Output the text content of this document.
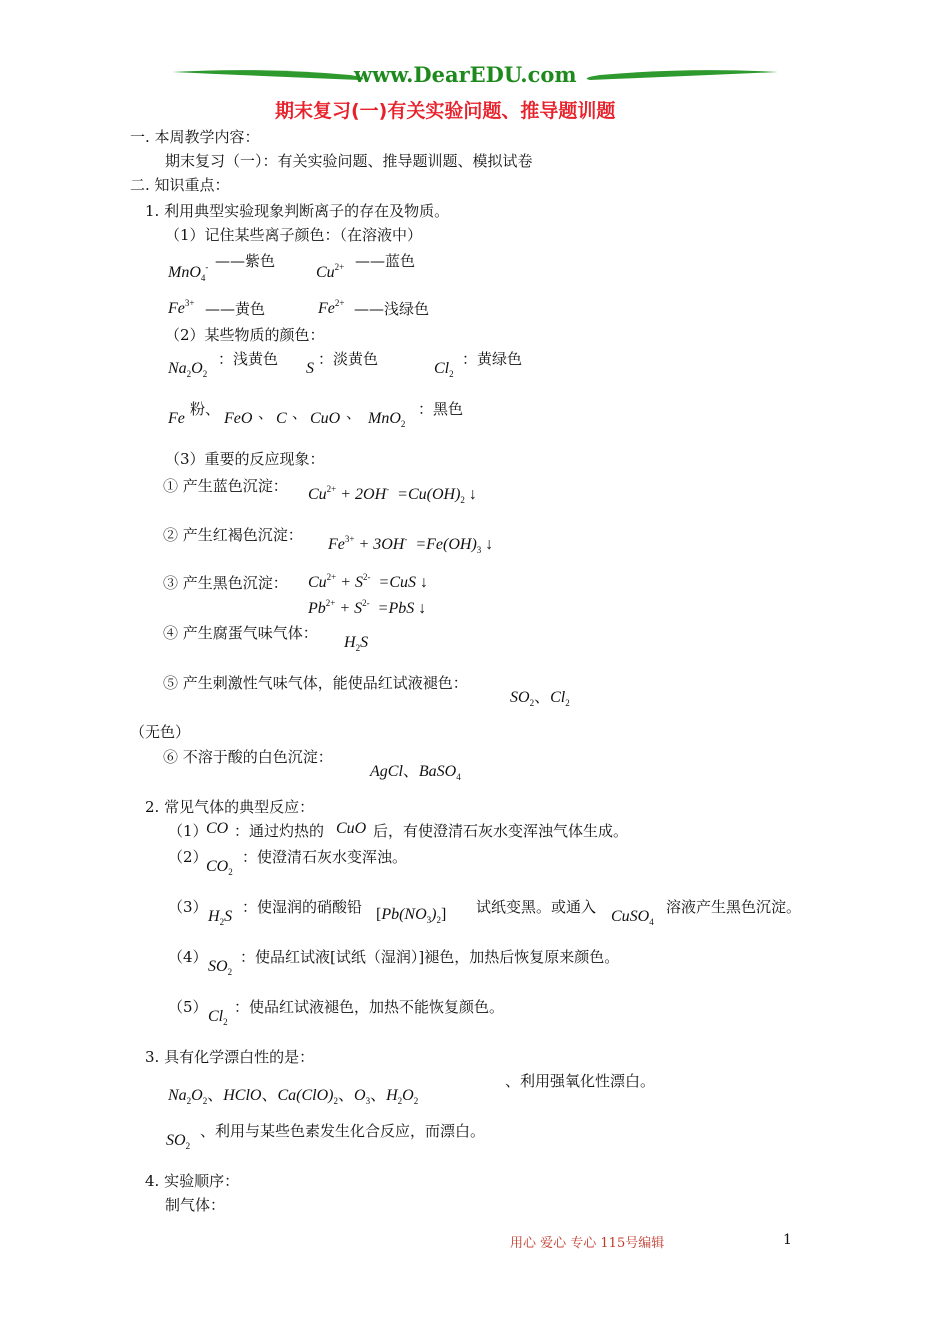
www.DearEDU.com
期末复习(一)有关实验问题、推导题训题
一. 本周教学内容：
期末复习（一）：有关实验问题、推导题训题、模拟试卷
二. 知识重点：
1. 利用典型实验现象判断离子的存在及物质。
（1）记住某些离子颜色：（在溶液中）
MnO$_4$- ——紫色
$Cu^{2+}$ ——蓝色
$Fe^{3+}$ ——黄色	$Fe^{2+}$ ——浅绿色
（2）某些物质的颜色：
$Na_2O_2$
：浅黄色
S
：淡黄色
$Cl_2$
：黄绿色
Fe
粉、
FeO 、 C 、 CuO 、 MnO$_2$
：黑色
（3）重要的反应现象：
① 产生蓝色沉淀： $Cu^{2+} + 2OH^- =Cu(OH)_2$ ↓
② 产生红褐色沉淀：
$Fe^{3+} + 3OH^- =Fe(OH)_3$ ↓
③ 产生黑色沉淀： $Cu^{2+} + S^{2-} =CuS$ ↓
$Pb^{2+} + S^{2-} =PbS$ ↓
④ 产生腐蛋气味气体：
$H_2S$
⑤ 产生刺激性气味气体，能使品红试液褪色：
$SO_2$、$Cl_2$
（无色）
⑥ 不溶于酸的白色沉淀：
AgCl、BaSO$_4$
2. 常见气体的典型反应：
（1）
CO ：通过灼热的 CuO 后，有使澄清石灰水变浑浊气体生成。
（2）
$CO_2$
：使澄清石灰水变浑浊。
（3）
$H_2S$
：使湿润的硝酸铅 $[Pb(NO_3)_2]$ 试纸变黑。或通入
CuSO$_4$
溶液产生黑色沉淀。
（4）
$SO_2$
：使品红试液[试纸（湿润）]褪色，加热后恢复原来颜色。
（5）
$Cl_2$
：使品红试液褪色，加热不能恢复颜色。
3. 具有化学漂白性的是：
$Na_2O_2$、HClO、$Ca(ClO)_2$、$O_3$、$H_2O_2$
、利用强氧化性漂白。
$SO_2$
、利用与某些色素发生化合反应，而漂白。
4. 实验顺序：
制气体：
用心 爱心 专心 115号编辑	1
